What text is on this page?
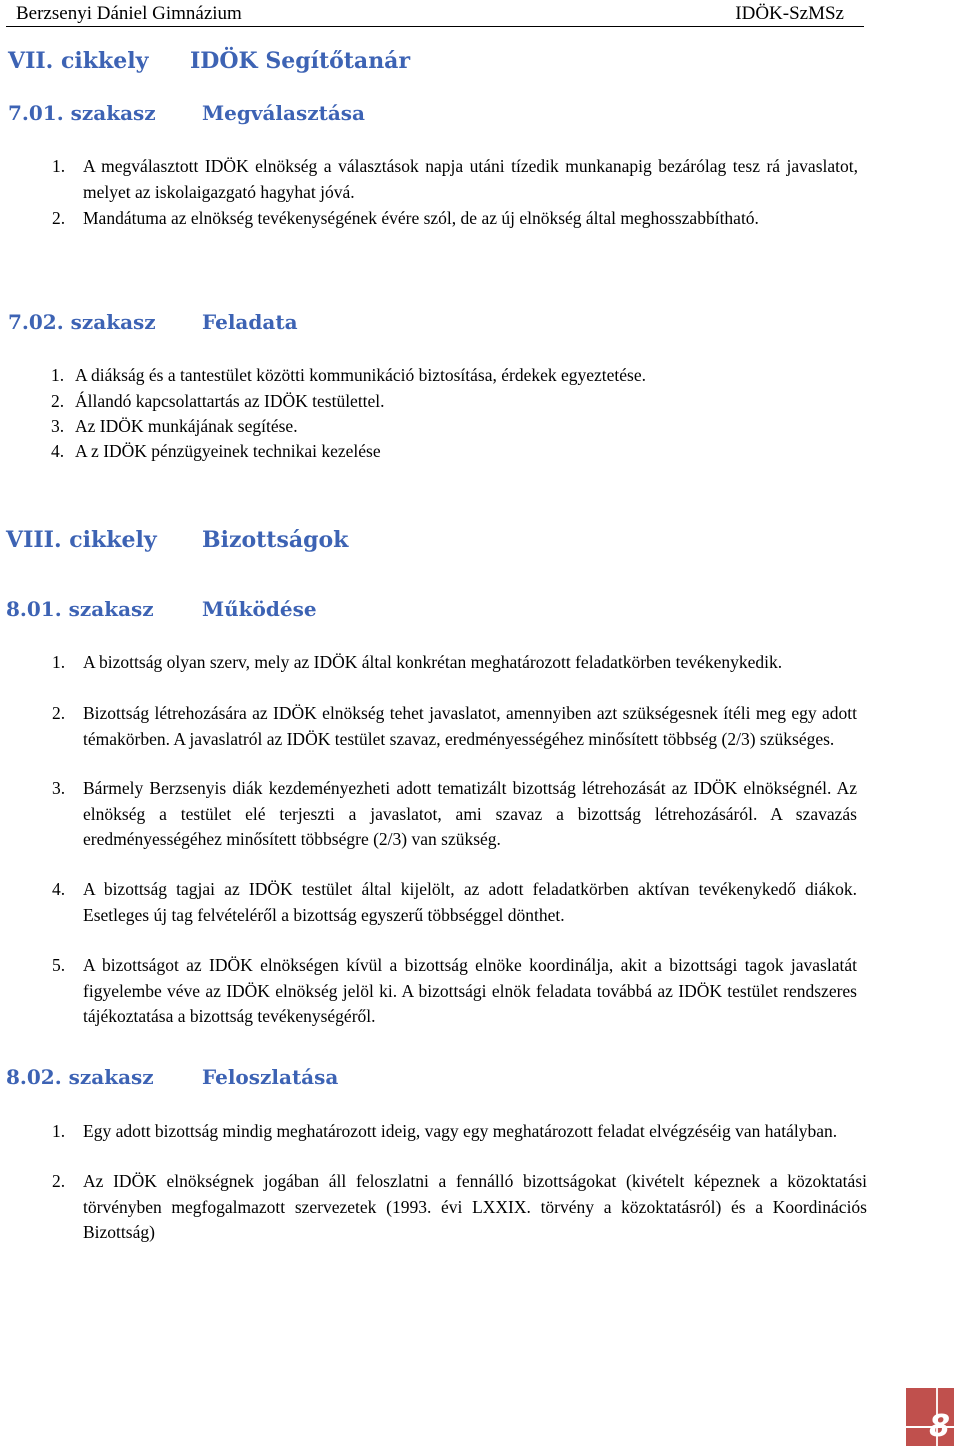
Berzsenyi Dániel Gimnázium	IDÖK-SzMSz
VII. cikkely IDÖK Segítőtanár
7.01. szakasz Megválasztása
1. A megválasztott IDÖK elnökség a választások napja utáni tízedik munkanapig bezárólag tesz rá javaslatot, melyet az iskolaigazgató hagyhat jóvá.
2. Mandátuma az elnökség tevékenységének évére szól, de az új elnökség által meghosszabbítható.
7.02. szakasz Feladata
1. A diákság és a tantestület közötti kommunikáció biztosítása, érdekek egyeztetése.
2. Állandó kapcsolattartás az IDÖK testülettel.
3. Az IDÖK munkájának segítése.
4. A z IDÖK pénzügyeinek technikai kezelése
VIII. cikkely Bizottságok
8.01. szakasz Működése
1. A bizottság olyan szerv, mely az IDÖK által konkrétan meghatározott feladatkörben tevékenykedik.
2. Bizottság létrehozására az IDÖK elnökség tehet javaslatot, amennyiben azt szükségesnek ítéli meg egy adott témakörben. A javaslatról az IDÖK testület szavaz, eredményességéhez minősített többség (2/3) szükséges.
3. Bármely Berzsenyis diák kezdeményezheti adott tematizált bizottság létrehozását az IDÖK elnökségnél. Az elnökség a testület elé terjeszti a javaslatot, ami szavaz a bizottság létrehozásáról. A szavazás eredményességéhez minősített többségre (2/3) van szükség.
4. A bizottság tagjai az IDÖK testület által kijelölt, az adott feladatkörben aktívan tevékenykedő diákok. Esetleges új tag felvételéről a bizottság egyszerű többséggel dönthet.
5. A bizottságot az IDÖK elnökségen kívül a bizottság elnöke koordinálja, akit a bizottsági tagok javaslatát figyelembe véve az IDÖK elnökség jelöl ki. A bizottsági elnök feladata továbbá az IDÖK testület rendszeres tájékoztatása a bizottság tevékenységéről.
8.02. szakasz Feloszlatása
1. Egy adott bizottság mindig meghatározott ideig, vagy egy meghatározott feladat elvégzéséig van hatályban.
2. Az IDÖK elnökségnek jogában áll feloszlatni a fennálló bizottságokat (kivételt képeznek a közoktatási törvényben megfogalmazott szervezetek (1993. évi LXXIX. törvény a közoktatásról) és a Koordinációs Bizottság)
8
